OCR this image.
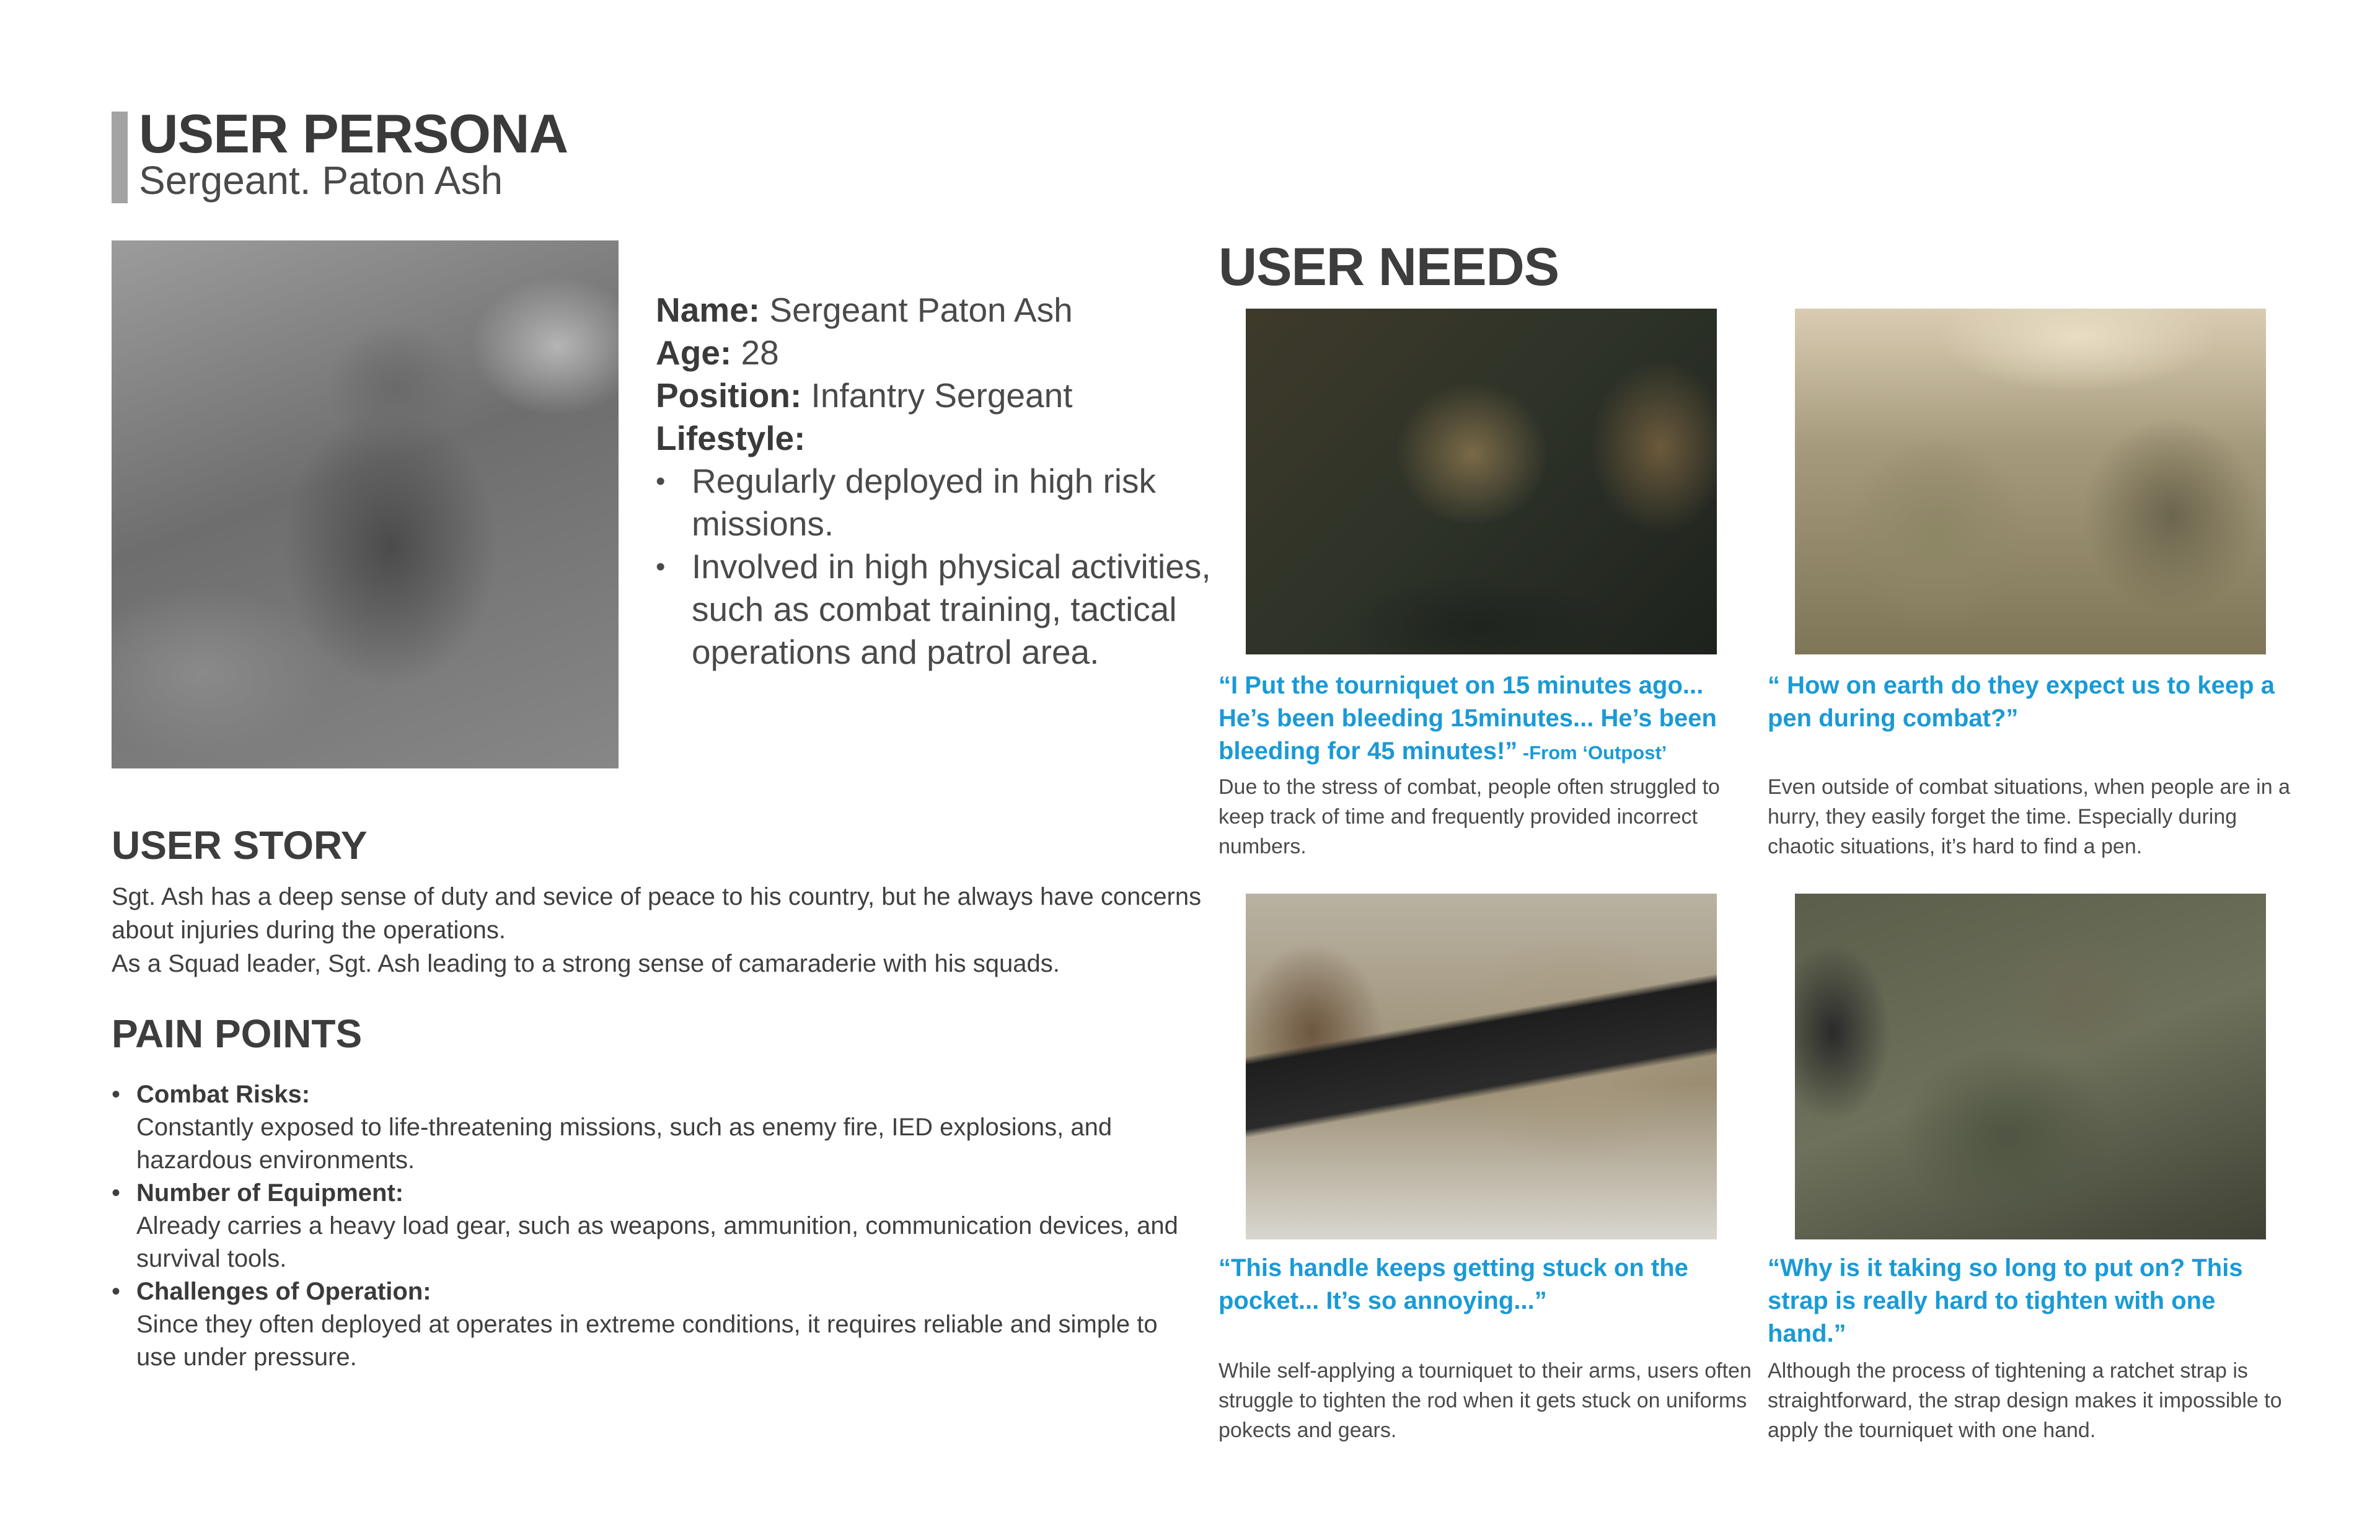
USER PERSONA
Sergeant. Paton Ash
Name: Sergeant Paton Ash
Age: 28
Position: Infantry Sergeant
Lifestyle:
• Regularly deployed in high risk missions.
• Involved in high physical activities, such as combat training, tactical operations and patrol area.
USER STORY
Sgt. Ash has a deep sense of duty and sevice of peace to his country, but he always have concerns about injuries during the operations.
As a Squad leader, Sgt. Ash leading to a strong sense of camaraderie with his squads.
PAIN POINTS
• Combat Risks:
Constantly exposed to life-threatening missions, such as enemy fire, IED explosions, and hazardous environments.
• Number of Equipment:
Already carries a heavy load gear, such as weapons, ammunition, communication devices, and survival tools.
• Challenges of Operation:
Since they often deployed at operates in extreme conditions, it requires reliable and simple to use under pressure.
USER NEEDS
“I Put the tourniquet on 15 minutes ago... He’s been bleeding 15minutes... He’s been bleeding for 45 minutes!” -From ‘Outpost’
Due to the stress of combat, people often struggled to keep track of time and frequently provided incorrect numbers.
“ How on earth do they expect us to keep a pen during combat?”
Even outside of combat situations, when people are in a hurry, they easily forget the time. Especially during chaotic situations, it’s hard to find a pen.
“This handle keeps getting stuck on the pocket... It’s so annoying...”
While self-applying a tourniquet to their arms, users often struggle to tighten the rod when it gets stuck on uniforms pokects and gears.
“Why is it taking so long to put on? This strap is really hard to tighten with one hand.”
Although the process of tightening a ratchet strap is straightforward, the strap design makes it impossible to apply the tourniquet with one hand.
